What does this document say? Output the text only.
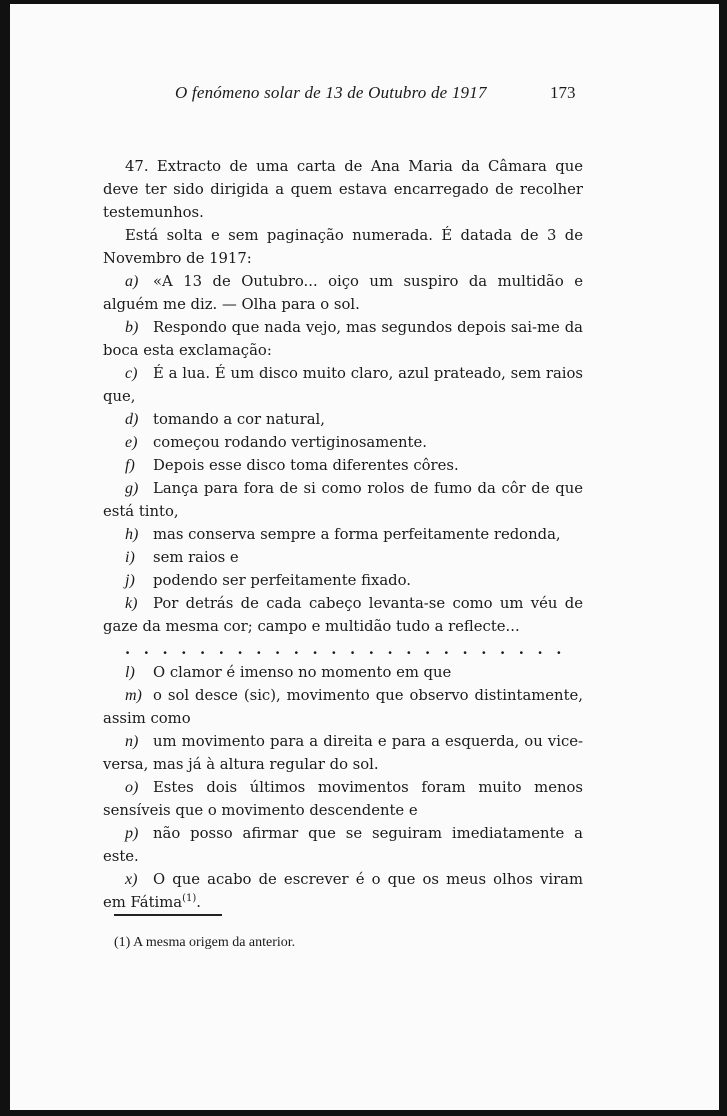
O fenómeno solar de 13 de Outubro de 1917	173

47. Extracto de uma carta de Ana Maria da Câmara que deve ter sido dirigida a quem estava encarregado de recolher testemunhos.

Está solta e sem paginação numerada. É datada de 3 de Novembro de 1917:

a) «A 13 de Outubro... oiço um suspiro da multidão e alguém me diz. — Olha para o sol.

b) Respondo que nada vejo, mas segundos depois sai-me da boca esta exclamação:

c) É a lua. É um disco muito claro, azul prateado, sem raios que,

d) tomando a cor natural,

e) começou rodando vertiginosamente.

f) Depois esse disco toma diferentes côres.

g) Lança para fora de si como rolos de fumo da côr de que está tinto,

h) mas conserva sempre a forma perfeitamente redonda,

i) sem raios e

j) podendo ser perfeitamente fixado.

k) Por detrás de cada cabeço levanta-se como um véu de gaze da mesma cor; campo e multidão tudo a reflecte...

........................

l) O clamor é imenso no momento em que

m) o sol desce (sic), movimento que observo distintamente, assim como

n) um movimento para a direita e para a esquerda, ou vice-versa, mas já à altura regular do sol.

o) Estes dois últimos movimentos foram muito menos sensíveis que o movimento descendente e

p) não posso afirmar que se seguiram imediatamente a este.

x) O que acabo de escrever é o que os meus olhos viram em Fátima$^{(1)}$.

(1) A mesma origem da anterior.
